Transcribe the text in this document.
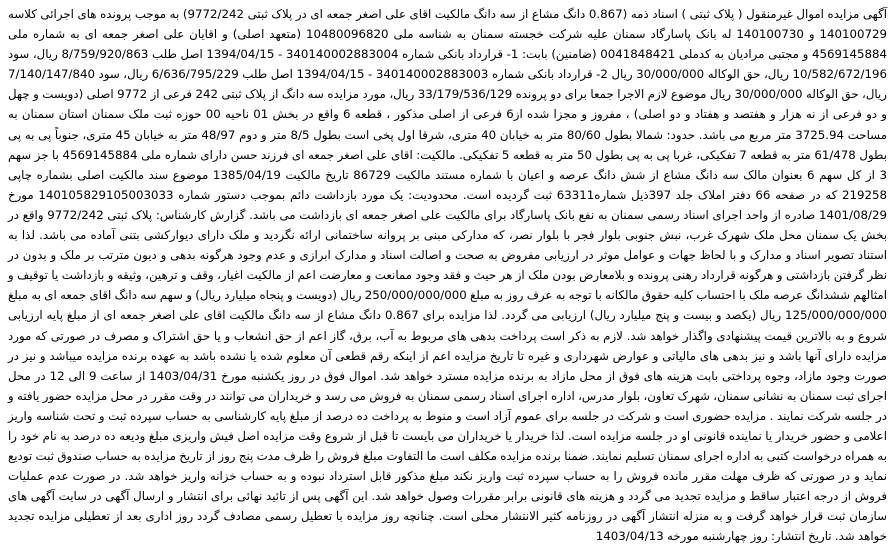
آگهی مزایده اموال غیرمنقول ( پلاک ثبتی ) اسناد ذمه (0.867 دانگ مشاع از سه دانگ مالکیت اقای علی اصغر جمعه ای در پلاک ثبتی 9772/242) به موجب پرونده های اجرائی کلاسه 140100729 و 140100730 له بانک پاسارگاد سمنان علیه شرکت خجسته سمنان به شناسه ملی 10480096820 (متعهد اصلی) و اقایان علی اصغر جمعه ای به شماره ملی 4569145884 و مجتبی مرادیان به کدملی 0041848421 (ضامنین) بابت: 1- قرارداد بانکی شماره 340140002883004 - 1394/04/15 اصل طلب 8/759/920/863 ریال، سود 10/582/672/196 ریال، حق الوکاله 30/000/000 ریال 2- قرارداد بانکی شماره 340140002883003 - 1394/04/15 اصل طلب 6/636/795/229 ریال، سود 7/140/147/840 ریال، حق الوکاله 30/000/000 ریال موضوع لازم الاجرا جمعا برای دو پرونده 33/179/536/129 ریال، مورد مزایده سه دانگ از پلاک ثبتی 242 فرعی از 9772 اصلی (دویست و چهل و دو فرعی از نه هزار و هفتصد و هفتاد و دو اصلی) ، مفروز و مجزا شده از6 فرعی از اصلی مذکور ، قطعه 6 واقع در بخش 01 ناحیه 00 حوزه ثبت ملک سمنان استان سمنان به مساحت 3725.94 متر مربع می باشد. حدود: شمالا بطول 80/60 متر به خیابان 40 متری، شرقا اول پخی است بطول 8/5 متر و دوم 48/97 متر به خیابان 45 متری، جنوباً پی به پی بطول 61/478 متر به قطعه 7 تفکیکی، غربا پی به پی بطول 50 متر به قطعه 5 تفکیکی. مالکیت: اقای علی اصغر جمعه ای فرزند حسن دارای شماره ملی 4569145884 با جز سهم 3 از کل سهم 6 بعنوان مالک سه دانگ مشاع از شش دانگ عرصه و اعیان با شماره مستند مالکیت 86729 تاریخ مالکیت 1385/04/19 موضوع سند مالکیت اصلی بشماره چاپی 219258 که در صفحه 66 دفتر املاک جلد 397ذیل شماره63311 ثبت گردیده است. محدودیت: یک مورد بازداشت دائم بموجب دستور شماره 140105829105003033 مورخ 1401/08/29 صادره از واحد اجرای اسناد رسمی سمنان به نفع بانک پاسارگاد برای مالکیت علی اصغر جمعه ای بازداشت می باشد. گزارش کارشناس: پلاک ثبتی 9772/242 واقع در بخش یک سمنان محل ملک شهرک غرب، نبش جنوبی بلوار فجر با بلوار نصر، که مدارکی مبنی بر پروانه ساختمانی ارائه نگردید و ملک دارای دیوارکشی بتنی آماده می باشد. لذا به استناد تصویر اسناد و مدارک و با لحاظ جهات و عوامل موثر در ارزیابی مفروض به صحت و اصالت اسناد و مدارک ابرازی و عدم وجود هرگونه بدهی و دیون مترتب بر ملک و بدون در نظر گرفتن بازداشتی و هرگونه قرارداد رهنی پرونده و بلامعارض بودن ملک از هر حیث و فقد وجود ممانعت و معارضت اعم از مالکیت اغیار، وقف و ترهین، وثیقه و بازداشت یا توقیف و امثالهم ششدانگ عرصه ملک با احتساب کلیه حقوق مالکانه با توجه به عرف روز به مبلغ 250/000/000/000 ریال (دویست و پنجاه میلیارد ریال) و سهم سه دانگ اقای جمعه ای به مبلغ 125/000/000/000 ریال (یکصد و بیست و پنج میلیارد ریال) ارزیابی می گردد. لذا مزایده برای 0.867 دانگ مشاع از سه دانگ مالکیت اقای علی اصغر جمعه ای از مبلغ پایه ارزیابی شروع و به بالاترین قیمت پیشنهادی واگذار خواهد شد. لازم به ذکر است پرداخت بدهی های مربوط به آب، برق، گاز اعم از حق انشعاب و یا حق اشتراک و مصرف در صورتی که مورد مزایده دارای آنها باشد و نیز بدهی های مالیاتی و عوارض شهرداری و غیره تا تاریخ مزایده اعم از اینکه رقم قطعی آن معلوم شده یا نشده باشد به عهده برنده مزایده میباشد و نیز در صورت وجود مازاد، وجوه پرداختی بابت هزینه های فوق از محل مازاد به برنده مزایده مسترد خواهد شد. اموال فوق در روز یکشنبه مورخ 1403/04/31 از ساعت 9 الی 12 در محل اجرای ثبت سمنان به نشانی سمنان، شهرک تعاون، بلوار مدرس، اداره اجرای اسناد رسمی سمنان به فروش می رسد و خریداران می توانند در وقت مقرر در محل مزایده حضور یافته و در جلسه شرکت نمایند . مزایده حضوری است و شرکت در جلسه برای عموم آزاد است و منوط به پرداخت ده درصد از مبلغ پایه کارشناسی به حساب سپرده ثبت و تحت شناسه واریز اعلامی و حضور خریدار یا نماینده قانونی او در جلسه مزایده است. لذا خریدار یا خریداران می بایست تا قبل از شروع وقت مزایده اصل فیش واریزی مبلغ ودیعه ده درصد به نام خود را به همراه درخواست کتبی به اداره اجرای سمنان تسلیم نمایند. ضمنا برنده مزایده مکلف است ما التفاوت مبلغ فروش را ظرف مدت پنج روز از تاریخ مزایده به حساب صندوق ثبت تودیع نماید و در صورتی که ظرف مهلت مقرر مانده فروش را به حساب سپرده ثبت واریز نکند مبلغ مذکور قابل استرداد نبوده و به حساب خزانه واریز خواهد شد. در صورت عدم عملیات فروش از درجه اعتبار ساقط و مزایده تجدید می گردد و هزینه های قانونی برابر مقررات وصول خواهد شد. این آگهی پس از تائید نهائی برای انتشار و ارسال آگهی در سایت آگهی های سازمان ثبت قرار خواهد گرفت و به منزله انتشار آگهی در روزنامه کثیر الانتشار محلی است. چنانچه روز مزایده با تعطیل رسمی مصادف گردد روز اداری بعد از تعطیلی مزایده تجدید خواهد شد. تاریخ انتشار: روز چهارشنبه مورخه 1403/04/13
